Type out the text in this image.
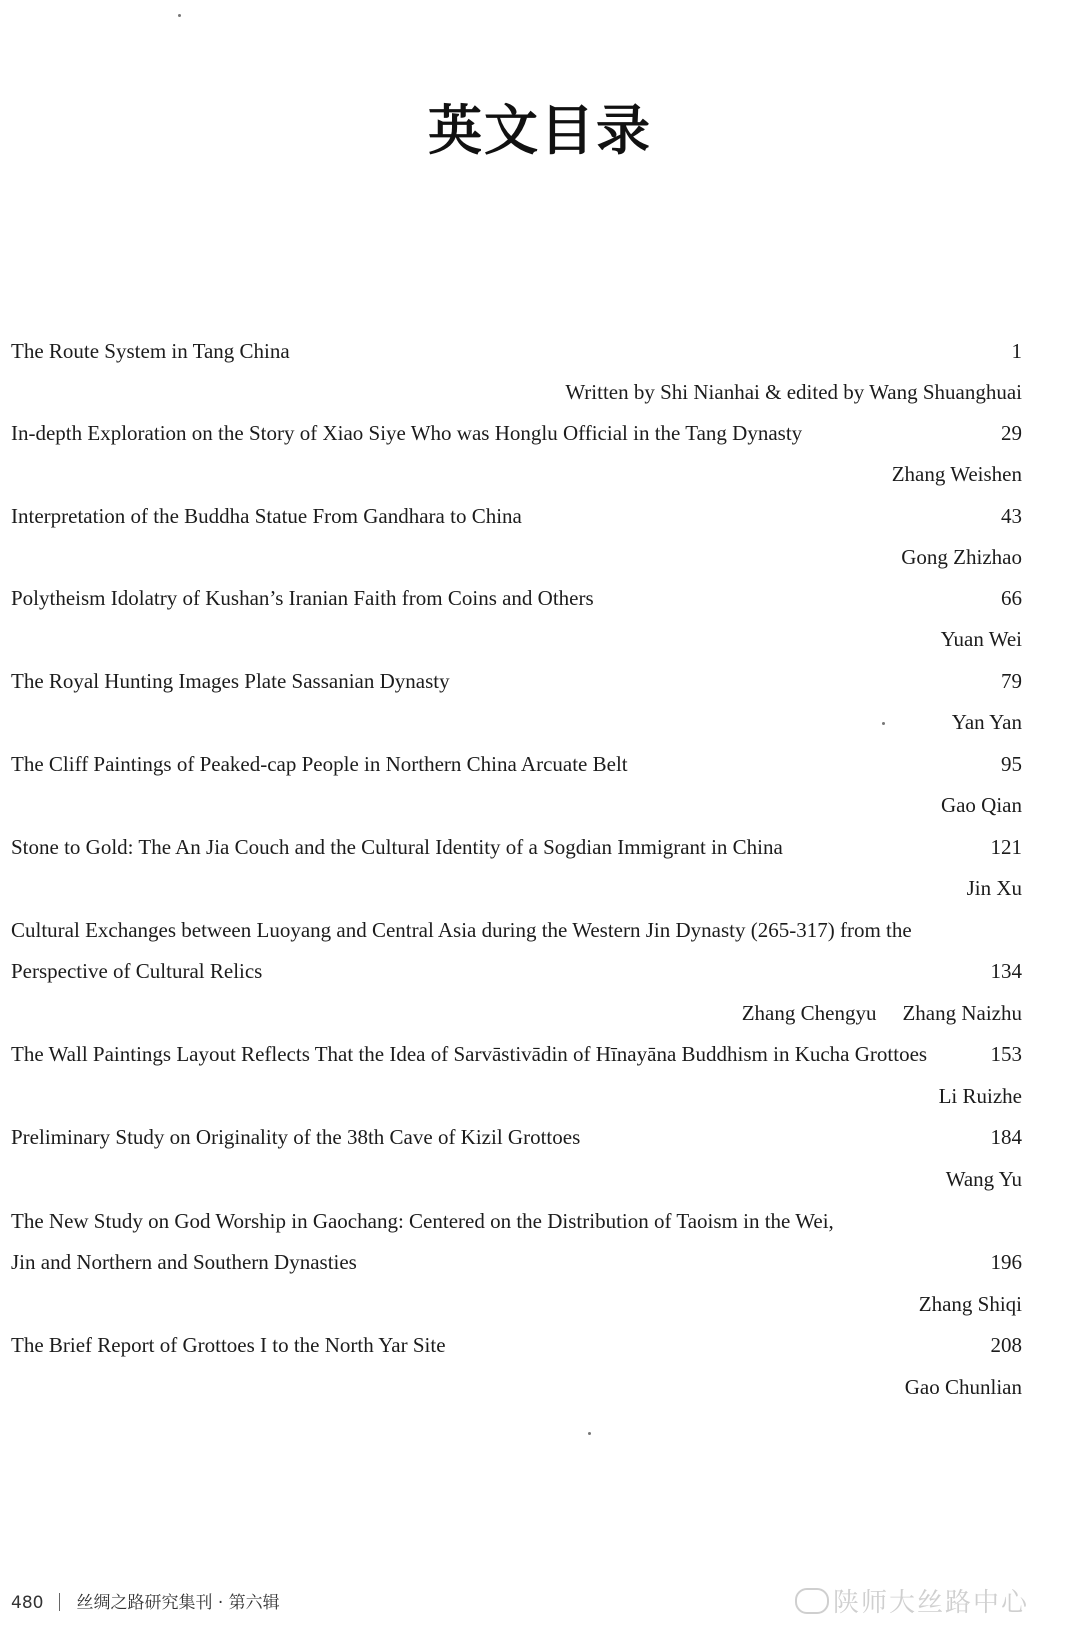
英文目录
The Route System in Tang China	1
Written by Shi Nianhai & edited by Wang Shuanghuai
In-depth Exploration on the Story of Xiao Siye Who was Honglu Official in the Tang Dynasty	29
Zhang Weishen
Interpretation of the Buddha Statue From Gandhara to China	43
Gong Zhizhao
Polytheism Idolatry of Kushan’s Iranian Faith from Coins and Others	66
Yuan Wei
The Royal Hunting Images Plate Sassanian Dynasty	79
Yan Yan
The Cliff Paintings of Peaked-cap People in Northern China Arcuate Belt	95
Gao Qian
Stone to Gold: The An Jia Couch and the Cultural Identity of a Sogdian Immigrant in China	121
Jin Xu
Cultural Exchanges between Luoyang and Central Asia during the Western Jin Dynasty (265-317) from the
Perspective of Cultural Relics	134
Zhang Chengyu Zhang Naizhu
The Wall Paintings Layout Reflects That the Idea of Sarvāstivādin of Hīnayāna Buddhism in Kucha Grottoes	153
Li Ruizhe
Preliminary Study on Originality of the 38th Cave of Kizil Grottoes	184
Wang Yu
The New Study on God Worship in Gaochang: Centered on the Distribution of Taoism in the Wei,
Jin and Northern and Southern Dynasties	196
Zhang Shiqi
The Brief Report of Grottoes I to the North Yar Site	208
Gao Chunlian
480 丝绸之路研究集刊 · 第六辑	陕师大丝路中心
